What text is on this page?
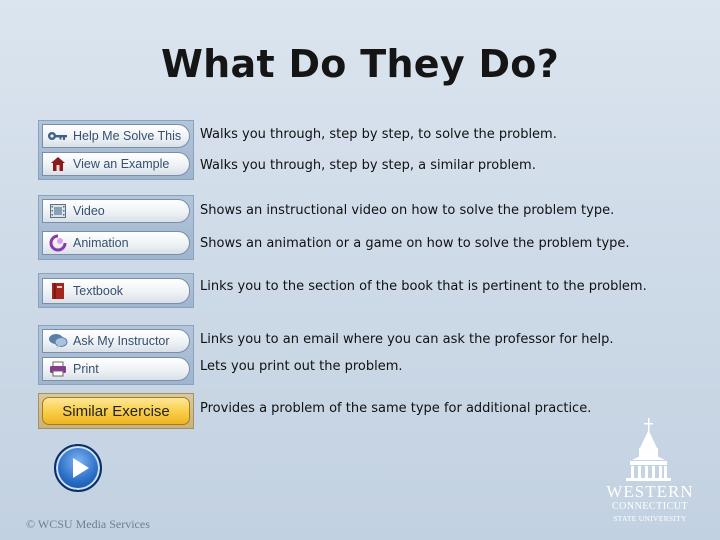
What Do They Do?
Help Me Solve This
View an Example
Video
Animation
Textbook
Ask My Instructor
Print
Similar Exercise
Walks you through, step by step, to solve the problem.
Walks you through, step by step, a similar problem.
Shows an instructional video on how to solve the problem type.
Shows an animation or a game on how to solve the problem type.
Links you to the section of the book that is pertinent to the problem.
Links you to an email where you can ask the professor for help.
Lets you print out the problem.
Provides a problem of the same type for additional practice.
© WCSU Media Services
WESTERN
CONNECTICUT
STATE UNIVERSITY
